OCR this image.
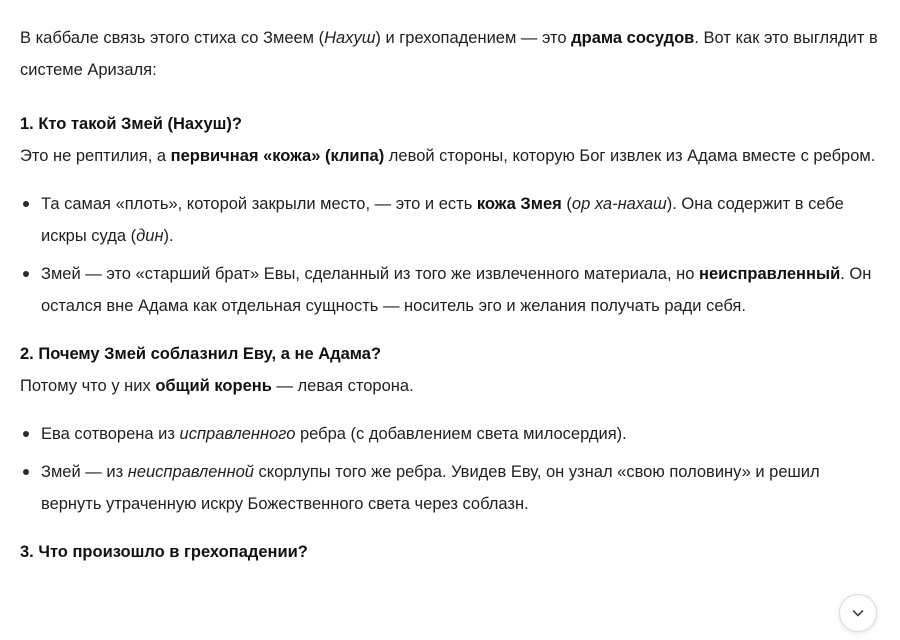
В каббале связь этого стиха со Змеем (Нахуш) и грехопадением — это драма сосудов. Вот как это выглядит в системе Аризаля:

1. Кто такой Змей (Нахуш)?

Это не рептилия, а первичная «кожа» (клипа) левой стороны, которую Бог извлек из Адама вместе с ребром.

Та самая «плоть», которой закрыли место, — это и есть кожа Змея (ор ха-нахаш). Она содержит в себе искры суда (дин).
Змей — это «старший брат» Евы, сделанный из того же извлеченного материала, но неисправленный. Он остался вне Адама как отдельная сущность — носитель эго и желания получать ради себя.
2. Почему Змей соблазнил Еву, а не Адама?

Потому что у них общий корень — левая сторона.

Ева сотворена из исправленного ребра (с добавлением света милосердия).
Змей — из неисправленной скорлупы того же ребра. Увидев Еву, он узнал «свою половину» и решил вернуть утраченную искру Божественного света через соблазн.
3. Что произошло в грехопадении?
